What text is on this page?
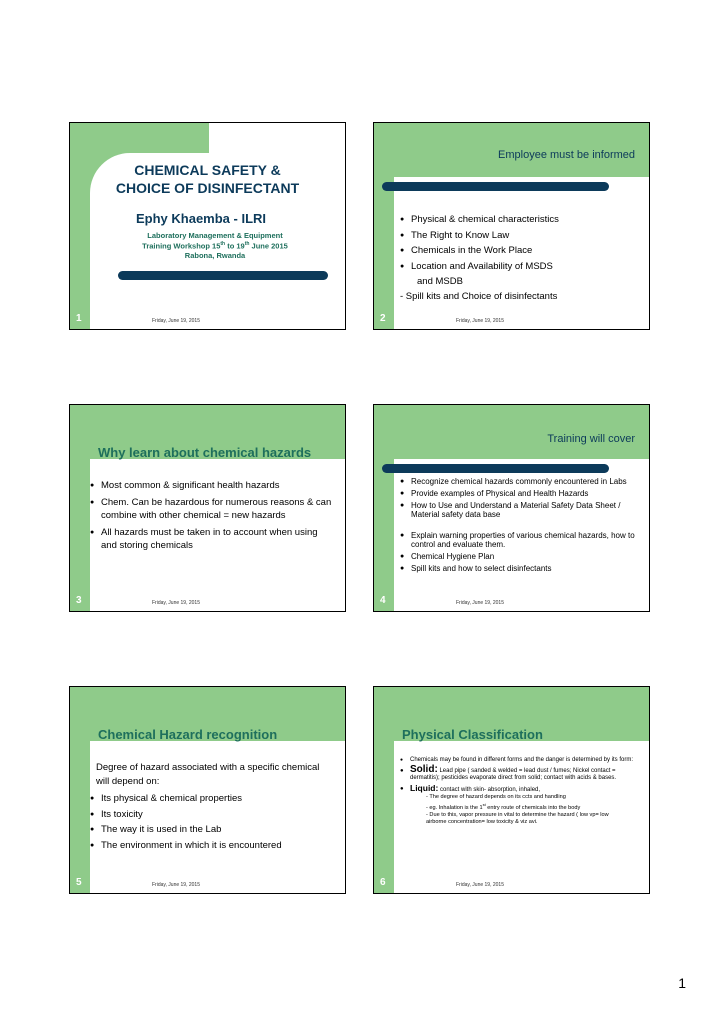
CHEMICAL SAFETY &
CHOICE OF DISINFECTANT
Ephy Khaemba - ILRI
Laboratory Management & Equipment
Training Workshop 15th to 19th June 2015
Rabona, Rwanda
1	Friday, June 19, 2015
Employee must be informed
● Physical & chemical characteristics
● The Right to Know Law
● Chemicals in the Work Place
● Location and Availability of MSDS
and MSDB
- Spill kits and Choice of disinfectants
2	Friday, June 19, 2015
Why learn about chemical hazards
● Most common & significant health hazards
● Chem. Can be hazardous for numerous reasons & can combine with other chemical = new hazards
● All hazards must be taken in to account when using and storing chemicals
3	Friday, June 19, 2015
Training will cover
● Recognize chemical hazards commonly encountered in Labs
● Provide examples of Physical and Health Hazards
● How to Use and Understand a Material Safety Data Sheet / Material safety data base
● Explain warning properties of various chemical hazards, how to control and evaluate them.
● Chemical Hygiene Plan
● Spill kits and how to select disinfectants
4	Friday, June 19, 2015
Chemical Hazard recognition
Degree of hazard associated with a specific chemical will depend on:
● Its physical & chemical properties
● Its toxicity
● The way it is used in the Lab
● The environment in which it is encountered
5	Friday, June 19, 2015
Physical Classification
● Chemicals may be found in different forms and the danger is determined by its form:
● Solid: Lead pipe ( sanded & welded = lead dust / fumes; Nickel contact = dermatitis); pesticides evaporate direct from solid; contact with acids & bases.
● Liquid: contact with skin- absorption, inhaled,
- The degree of hazard depends on its ccts and handling
- eg. Inhalation is the 1st entry route of chemicals into the body
- Due to this, vapor pressure in vital to determine the hazard ( low vp= low airborne concentration= low toxicity & viz avi.
6	Friday, June 19, 2015
1
